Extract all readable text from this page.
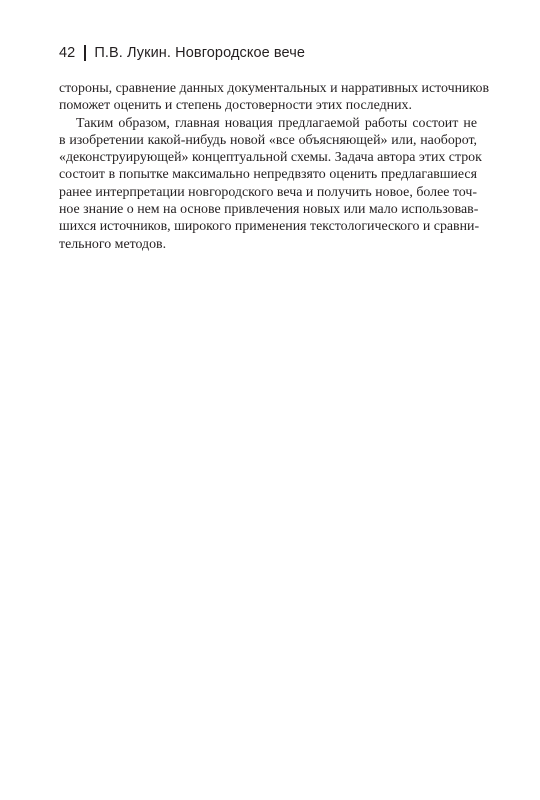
42 П.В. Лукин. Новгородское вече

стороны, сравнение данных документальных и нарративных источников
поможет оценить и степень достоверности этих последних.

Таким образом, главная новация предлагаемой работы состоит не
в изобретении какой-нибудь новой «все объясняющей» или, наоборот,
«деконструирующей» концептуальной схемы. Задача автора этих строк
состоит в попытке максимально непредвзято оценить предлагавшиеся
ранее интерпретации новгородского веча и получить новое, более точ-
ное знание о нем на основе привлечения новых или мало использовав-
шихся источников, широкого применения текстологического и сравни-
тельного методов.
